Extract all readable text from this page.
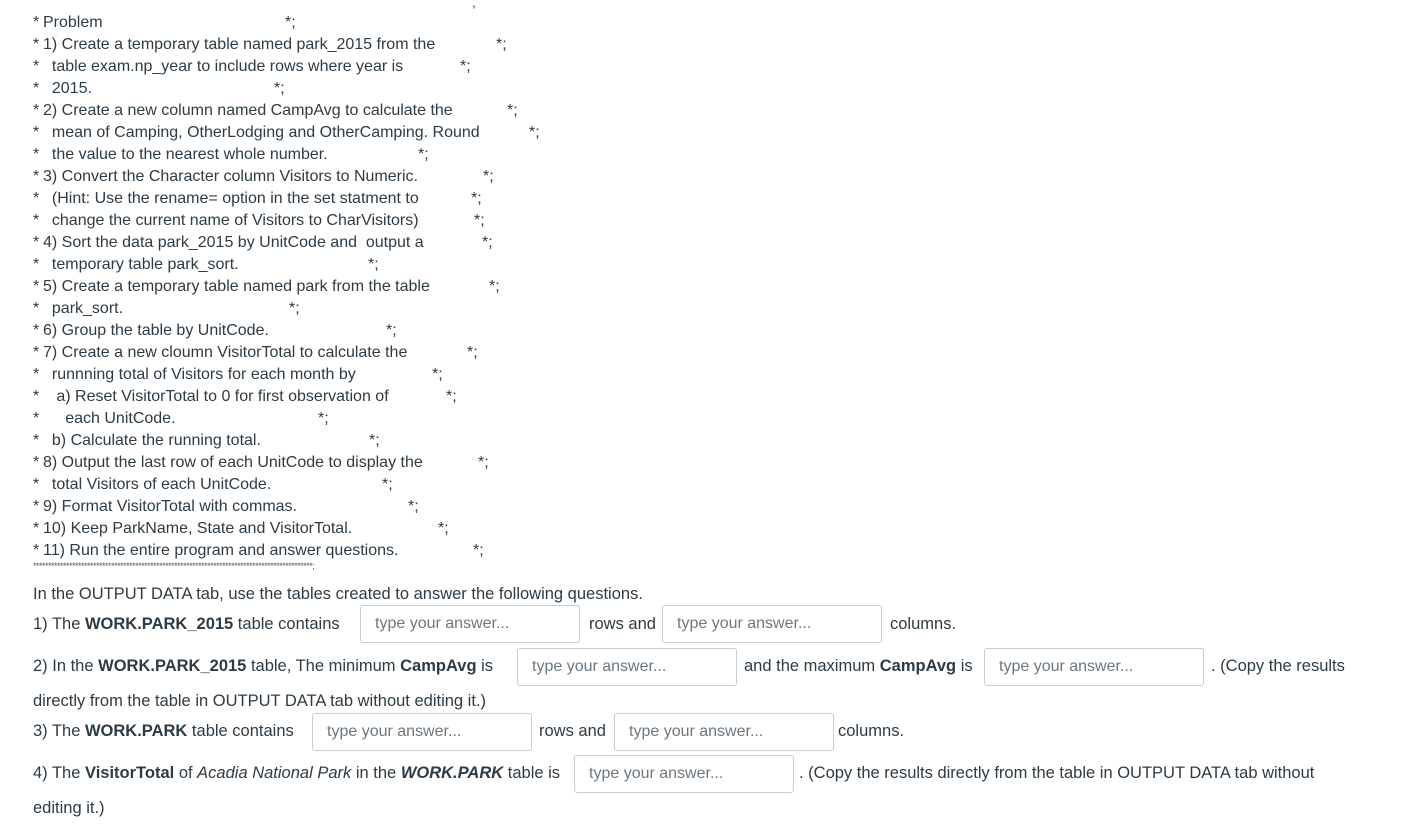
,
* Problem	*;
* 1) Create a temporary table named park_2015 from the	*;
* table exam.np_year to include rows where year is	*;
* 2015.	*;
* 2) Create a new column named CampAvg to calculate the	*;
* mean of Camping, OtherLodging and OtherCamping. Round	*;
* the value to the nearest whole number.	*;
* 3) Convert the Character column Visitors to Numeric.	*;
* (Hint: Use the rename= option in the set statment to	*;
* change the current name of Visitors to CharVisitors)	*;
* 4) Sort the data park_2015 by UnitCode and  output a	*;
* temporary table park_sort.	*;
* 5) Create a temporary table named park from the table	*;
* park_sort.	*;
* 6) Group the table by UnitCode.	*;
* 7) Create a new cloumn VisitorTotal to calculate the	*;
* runnning total of Visitors for each month by	*;
* a) Reset VisitorTotal to 0 for first observation of	*;
* each UnitCode.	*;
* b) Calculate the running total.	*;
* 8) Output the last row of each UnitCode to display the	*;
* total Visitors of each UnitCode.	*;
* 9) Format VisitorTotal with commas.	*;
* 10) Keep ParkName, State and VisitorTotal.	*;
* 11) Run the entire program and answer questions.	*;
*********************************************************************************************;
In the OUTPUT DATA tab, use the tables created to answer the following questions.
1) The WORK.PARK_2015 table contains	rows and	columns.
type your answer...
type your answer...
2) In the WORK.PARK_2015 table, The minimum CampAvg is	and the maximum CampAvg is	. (Copy the results
directly from the table in OUTPUT DATA tab without editing it.)
type your answer...
type your answer...
3) The WORK.PARK table contains	rows and	columns.
type your answer...
type your answer...
4) The VisitorTotal of Acadia National Park in the WORK.PARK table is	. (Copy the results directly from the table in OUTPUT DATA tab without
editing it.)
type your answer...
